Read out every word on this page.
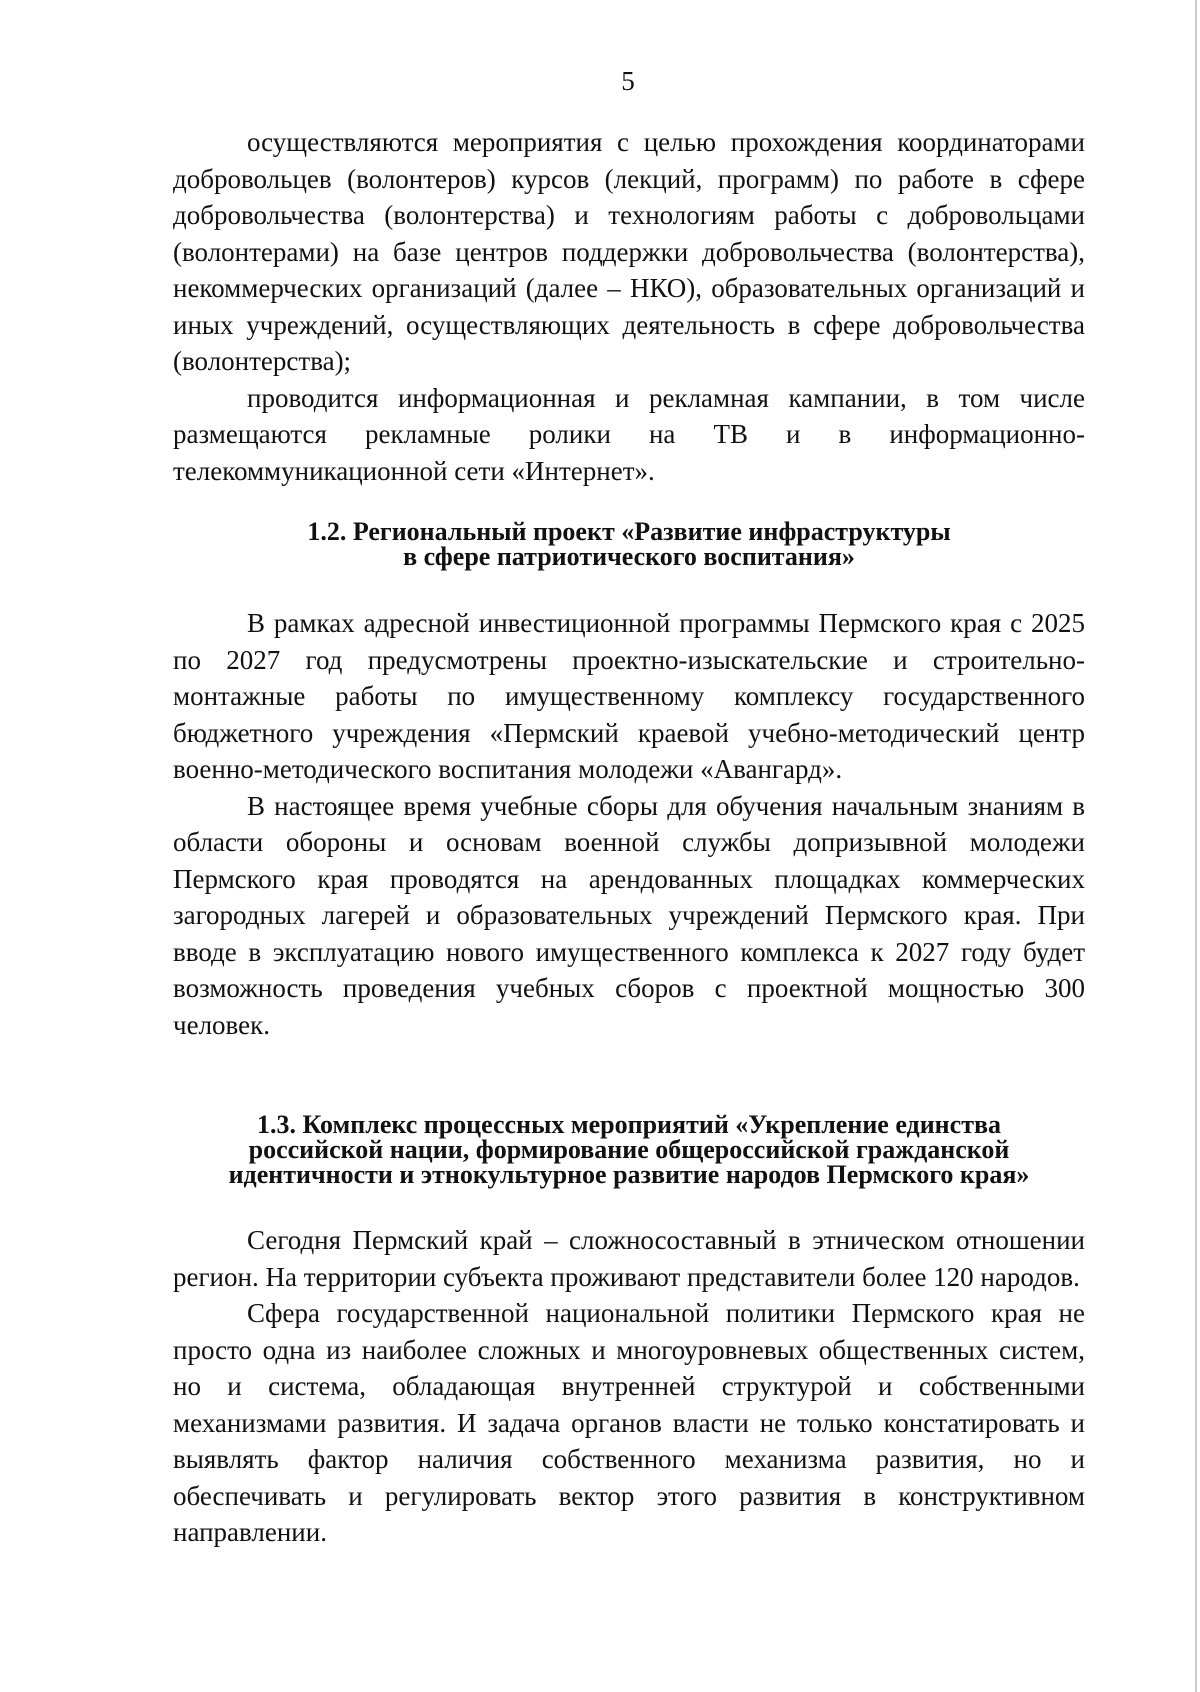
5

осуществляются мероприятия с целью прохождения координаторами добровольцев (волонтеров) курсов (лекций, программ) по работе в сфере добровольчества (волонтерства) и технологиям работы с добровольцами (волонтерами) на базе центров поддержки добровольчества (волонтерства), некоммерческих организаций (далее – НКО), образовательных организаций и иных учреждений, осуществляющих деятельность в сфере добровольчества (волонтерства);

проводится информационная и рекламная кампании, в том числе размещаются рекламные ролики на ТВ и в информационно-телекоммуникационной сети «Интернет».

1.2. Региональный проект «Развитие инфраструктуры
в сфере патриотического воспитания»

В рамках адресной инвестиционной программы Пермского края с 2025 по 2027 год предусмотрены проектно-изыскательские и строительно-монтажные работы по имущественному комплексу государственного бюджетного учреждения «Пермский краевой учебно-методический центр военно-методического воспитания молодежи «Авангард».

В настоящее время учебные сборы для обучения начальным знаниям в области обороны и основам военной службы допризывной молодежи Пермского края проводятся на арендованных площадках коммерческих загородных лагерей и образовательных учреждений Пермского края. При вводе в эксплуатацию нового имущественного комплекса к 2027 году будет возможность проведения учебных сборов с проектной мощностью 300 человек.

1.3. Комплекс процессных мероприятий «Укрепление единства
российской нации, формирование общероссийской гражданской
идентичности и этнокультурное развитие народов Пермского края»

Сегодня Пермский край – сложносоставный в этническом отношении регион. На территории субъекта проживают представители более 120 народов.

Сфера государственной национальной политики Пермского края не просто одна из наиболее сложных и многоуровневых общественных систем, но и система, обладающая внутренней структурой и собственными механизмами развития. И задача органов власти не только констатировать и выявлять фактор наличия собственного механизма развития, но и обеспечивать и регулировать вектор этого развития в конструктивном направлении.
